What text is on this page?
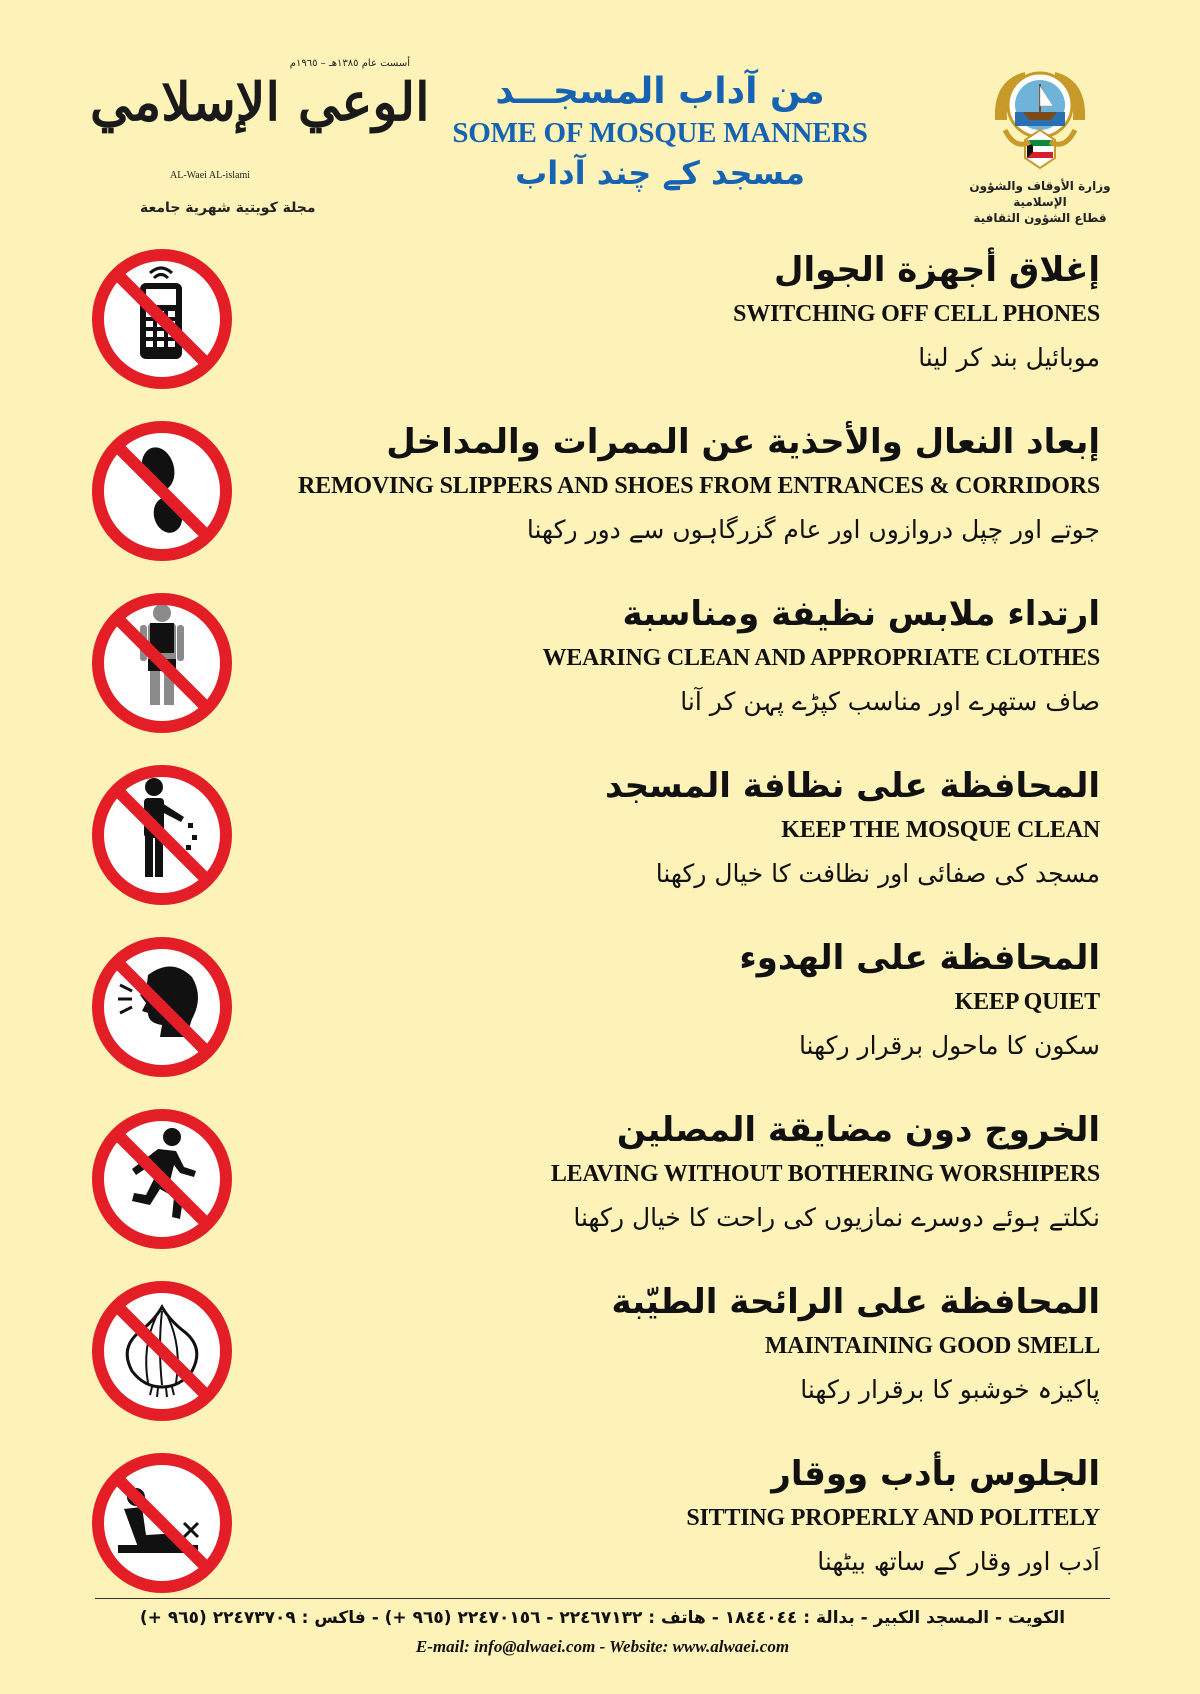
أسست عام ١٣٨٥هـ – ١٩٦٥م
الوعي الإسلامي
AL-Waei AL-islami
مجلة كويتية شهرية جامعة
من آداب المسجـــد
SOME OF MOSQUE MANNERS
مسجد کے چند آداب	وزارة الأوقاف والشؤون الإسلامية
قطاع الشؤون الثقافية
إغلاق أجهزة الجوال
SWITCHING OFF CELL PHONES
موبائیل بند کر لینا
إبعاد النعال والأحذية عن الممرات والمداخل
REMOVING SLIPPERS AND SHOES FROM ENTRANCES & CORRIDORS
جوتے اور چپل دروازوں اور عام گزرگاہوں سے دور رکھنا
ارتداء ملابس نظيفة ومناسبة
WEARING CLEAN AND APPROPRIATE CLOTHES
صاف ستھرے اور مناسب کپڑے پہن کر آنا
المحافظة على نظافة المسجد
KEEP THE MOSQUE CLEAN
مسجد کی صفائی اور نظافت کا خیال رکھنا
المحافظة على الهدوء
KEEP QUIET
سکون کا ماحول برقرار رکھنا
الخروج دون مضايقة المصلين
LEAVING WITHOUT BOTHERING WORSHIPERS
نکلتے ہوئے دوسرے نمازیوں کی راحت کا خیال رکھنا
المحافظة على الرائحة الطيّبة
MAINTAINING GOOD SMELL
پاکیزہ خوشبو کا برقرار رکھنا
الجلوس بأدب ووقار
SITTING PROPERLY AND POLITELY
اَدب اور وقار کے ساتھ بیٹھنا
الكويت - المسجد الكبير - بدالة : ١٨٤٤٠٤٤ - هاتف : ٢٢٤٦٧١٣٢ - ٢٢٤٧٠١٥٦ (٩٦٥ +) - فاكس : ٢٢٤٧٣٧٠٩ (٩٦٥ +)
E-mail: info@alwaei.com - Website: www.alwaei.com
